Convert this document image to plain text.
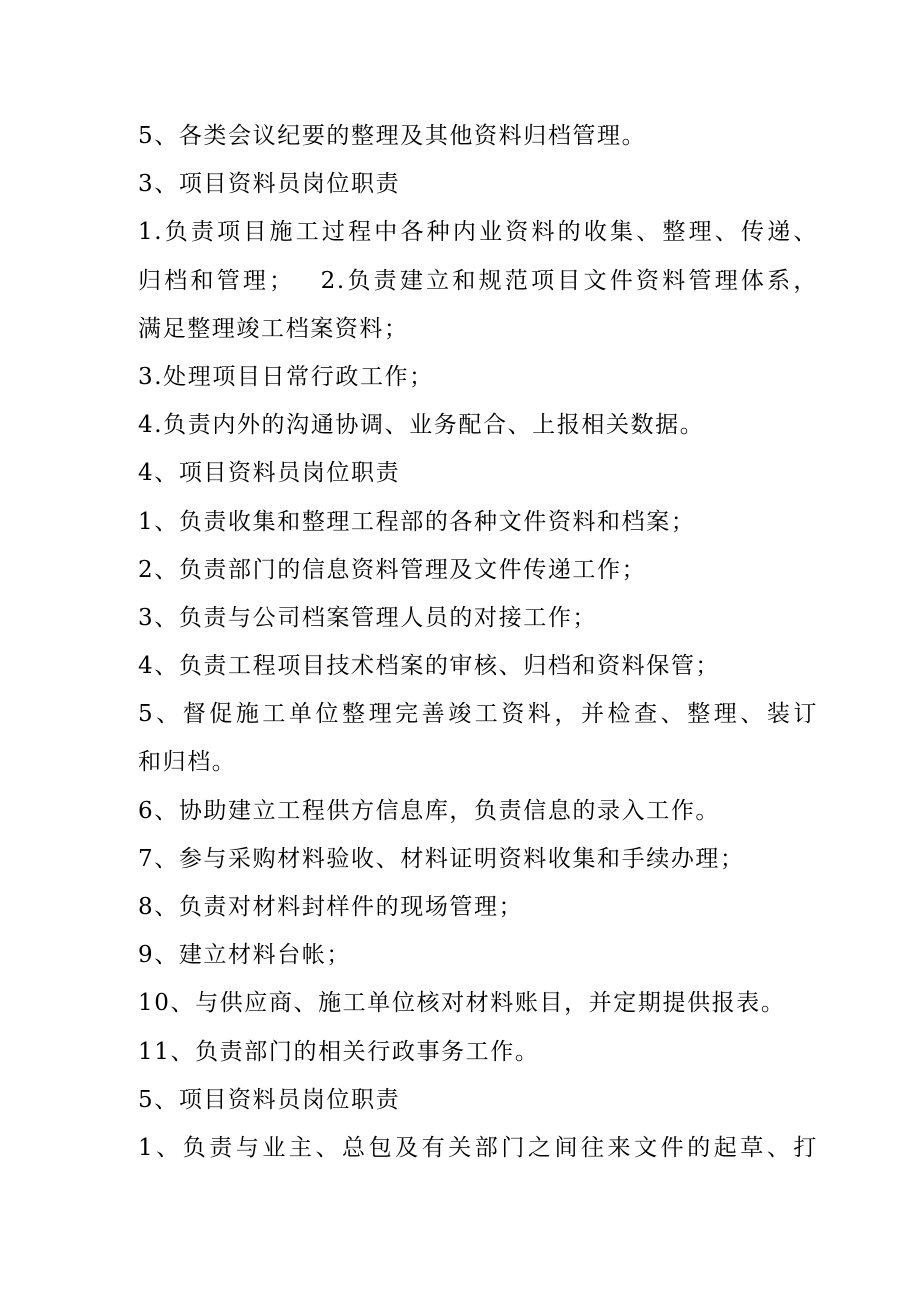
5、各类会议纪要的整理及其他资料归档管理。
3、项目资料员岗位职责
1.负责项目施工过程中各种内业资料的收集、整理、传递、
归档和管理；　 2.负责建立和规范项目文件资料管理体系，
满足整理竣工档案资料；
3.处理项目日常行政工作；
4.负责内外的沟通协调、业务配合、上报相关数据。
4、项目资料员岗位职责
1、负责收集和整理工程部的各种文件资料和档案；
2、负责部门的信息资料管理及文件传递工作；
3、负责与公司档案管理人员的对接工作；
4、负责工程项目技术档案的审核、归档和资料保管；
5、督促施工单位整理完善竣工资料，并检查、整理、装订
和归档。
6、协助建立工程供方信息库，负责信息的录入工作。
7、参与采购材料验收、材料证明资料收集和手续办理；
8、负责对材料封样件的现场管理；
9、建立材料台帐；
10、与供应商、施工单位核对材料账目，并定期提供报表。
11、负责部门的相关行政事务工作。
5、项目资料员岗位职责
1、负责与业主、总包及有关部门之间往来文件的起草、打
